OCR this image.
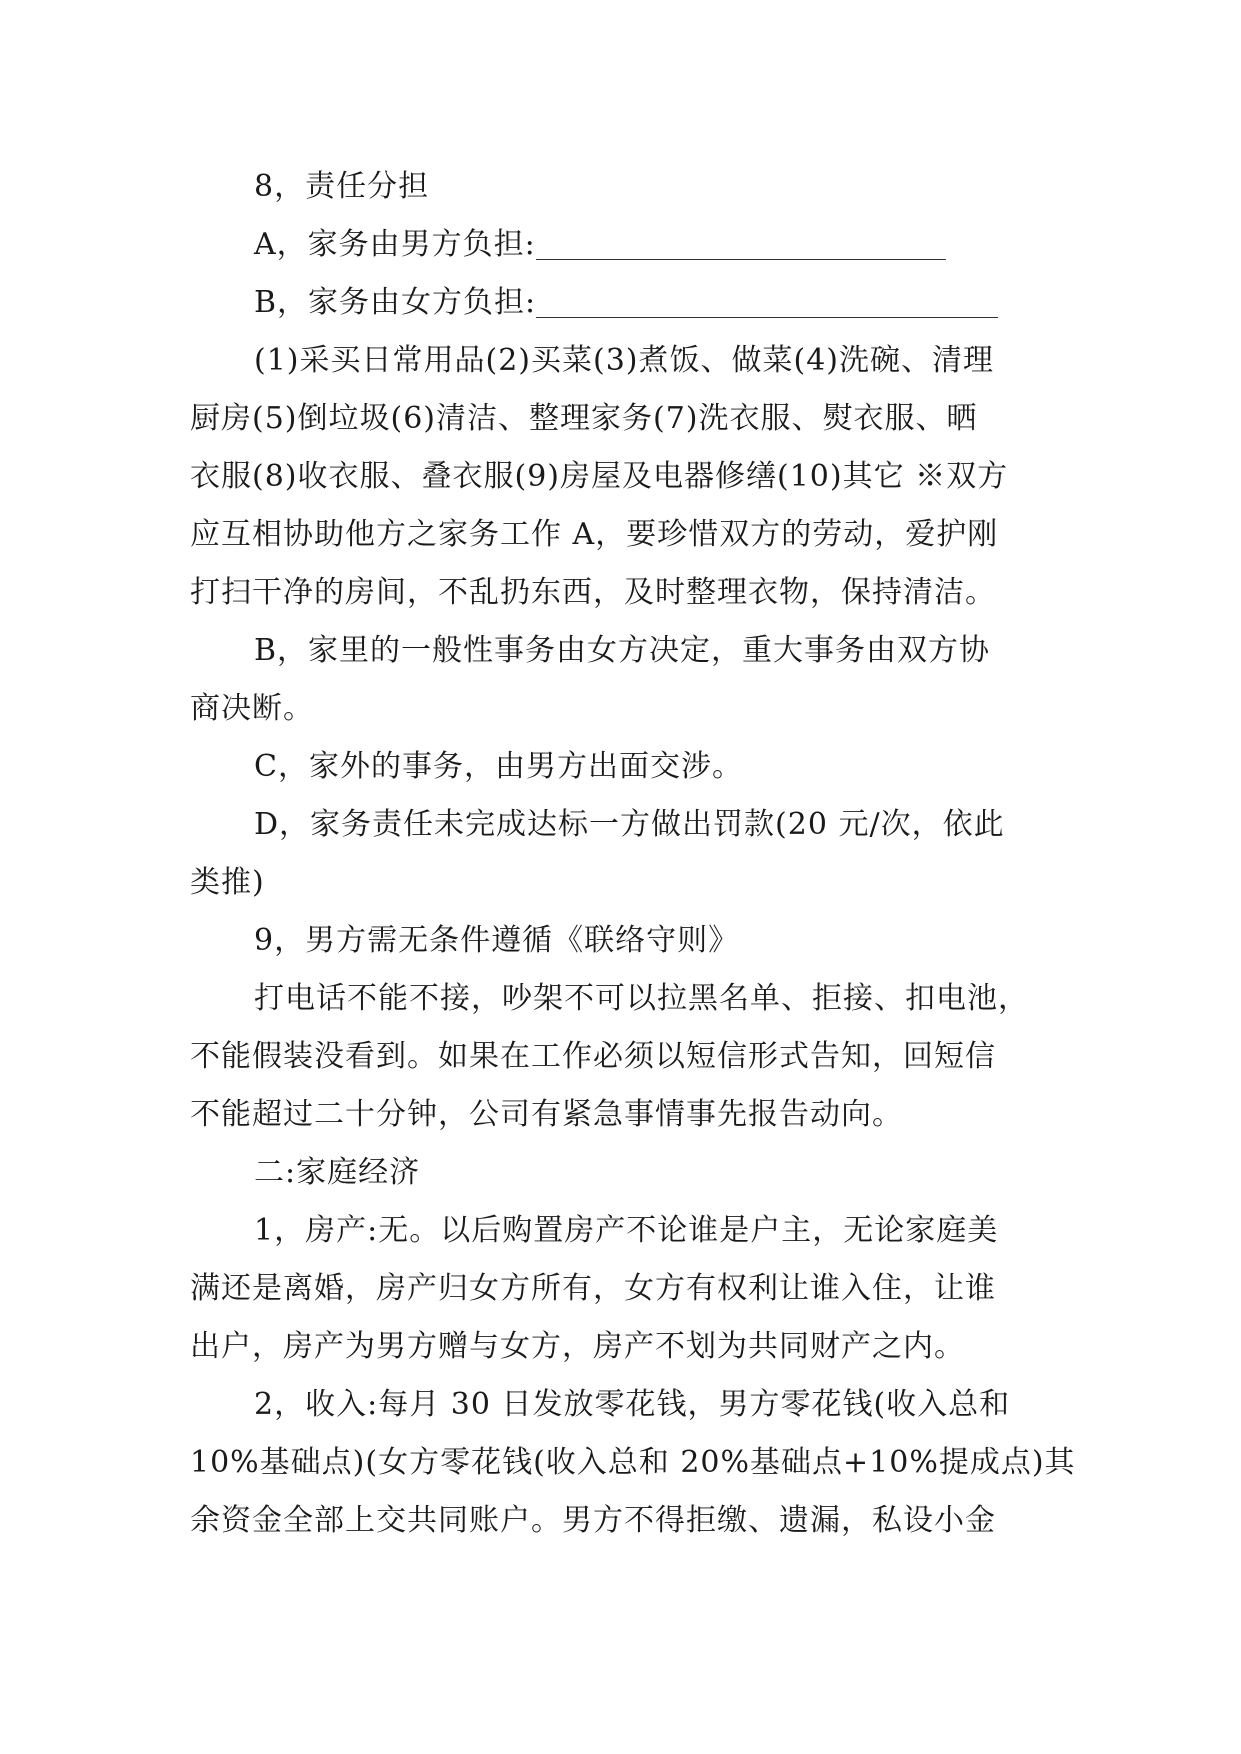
8，责任分担

A，家务由男方负担:

B，家务由女方负担:

(1)采买日常用品(2)买菜(3)煮饭、做菜(4)洗碗、清理
厨房(5)倒垃圾(6)清洁、整理家务(7)洗衣服、熨衣服、晒
衣服(8)收衣服、叠衣服(9)房屋及电器修缮(10)其它 ※双方
应互相协助他方之家务工作 A，要珍惜双方的劳动，爱护刚
打扫干净的房间，不乱扔东西，及时整理衣物，保持清洁。

B，家里的一般性事务由女方决定，重大事务由双方协
商决断。

C，家外的事务，由男方出面交涉。

D，家务责任未完成达标一方做出罚款(20 元/次，依此
类推)

9，男方需无条件遵循《联络守则》

打电话不能不接，吵架不可以拉黑名单、拒接、扣电池，
不能假装没看到。如果在工作必须以短信形式告知，回短信
不能超过二十分钟，公司有紧急事情事先报告动向。

二:家庭经济

1，房产:无。以后购置房产不论谁是户主，无论家庭美
满还是离婚，房产归女方所有，女方有权利让谁入住，让谁
出户，房产为男方赠与女方，房产不划为共同财产之内。

2，收入:每月 30 日发放零花钱，男方零花钱(收入总和
10%基础点)(女方零花钱(收入总和 20%基础点+10%提成点)其
余资金全部上交共同账户。男方不得拒缴、遗漏，私设小金
